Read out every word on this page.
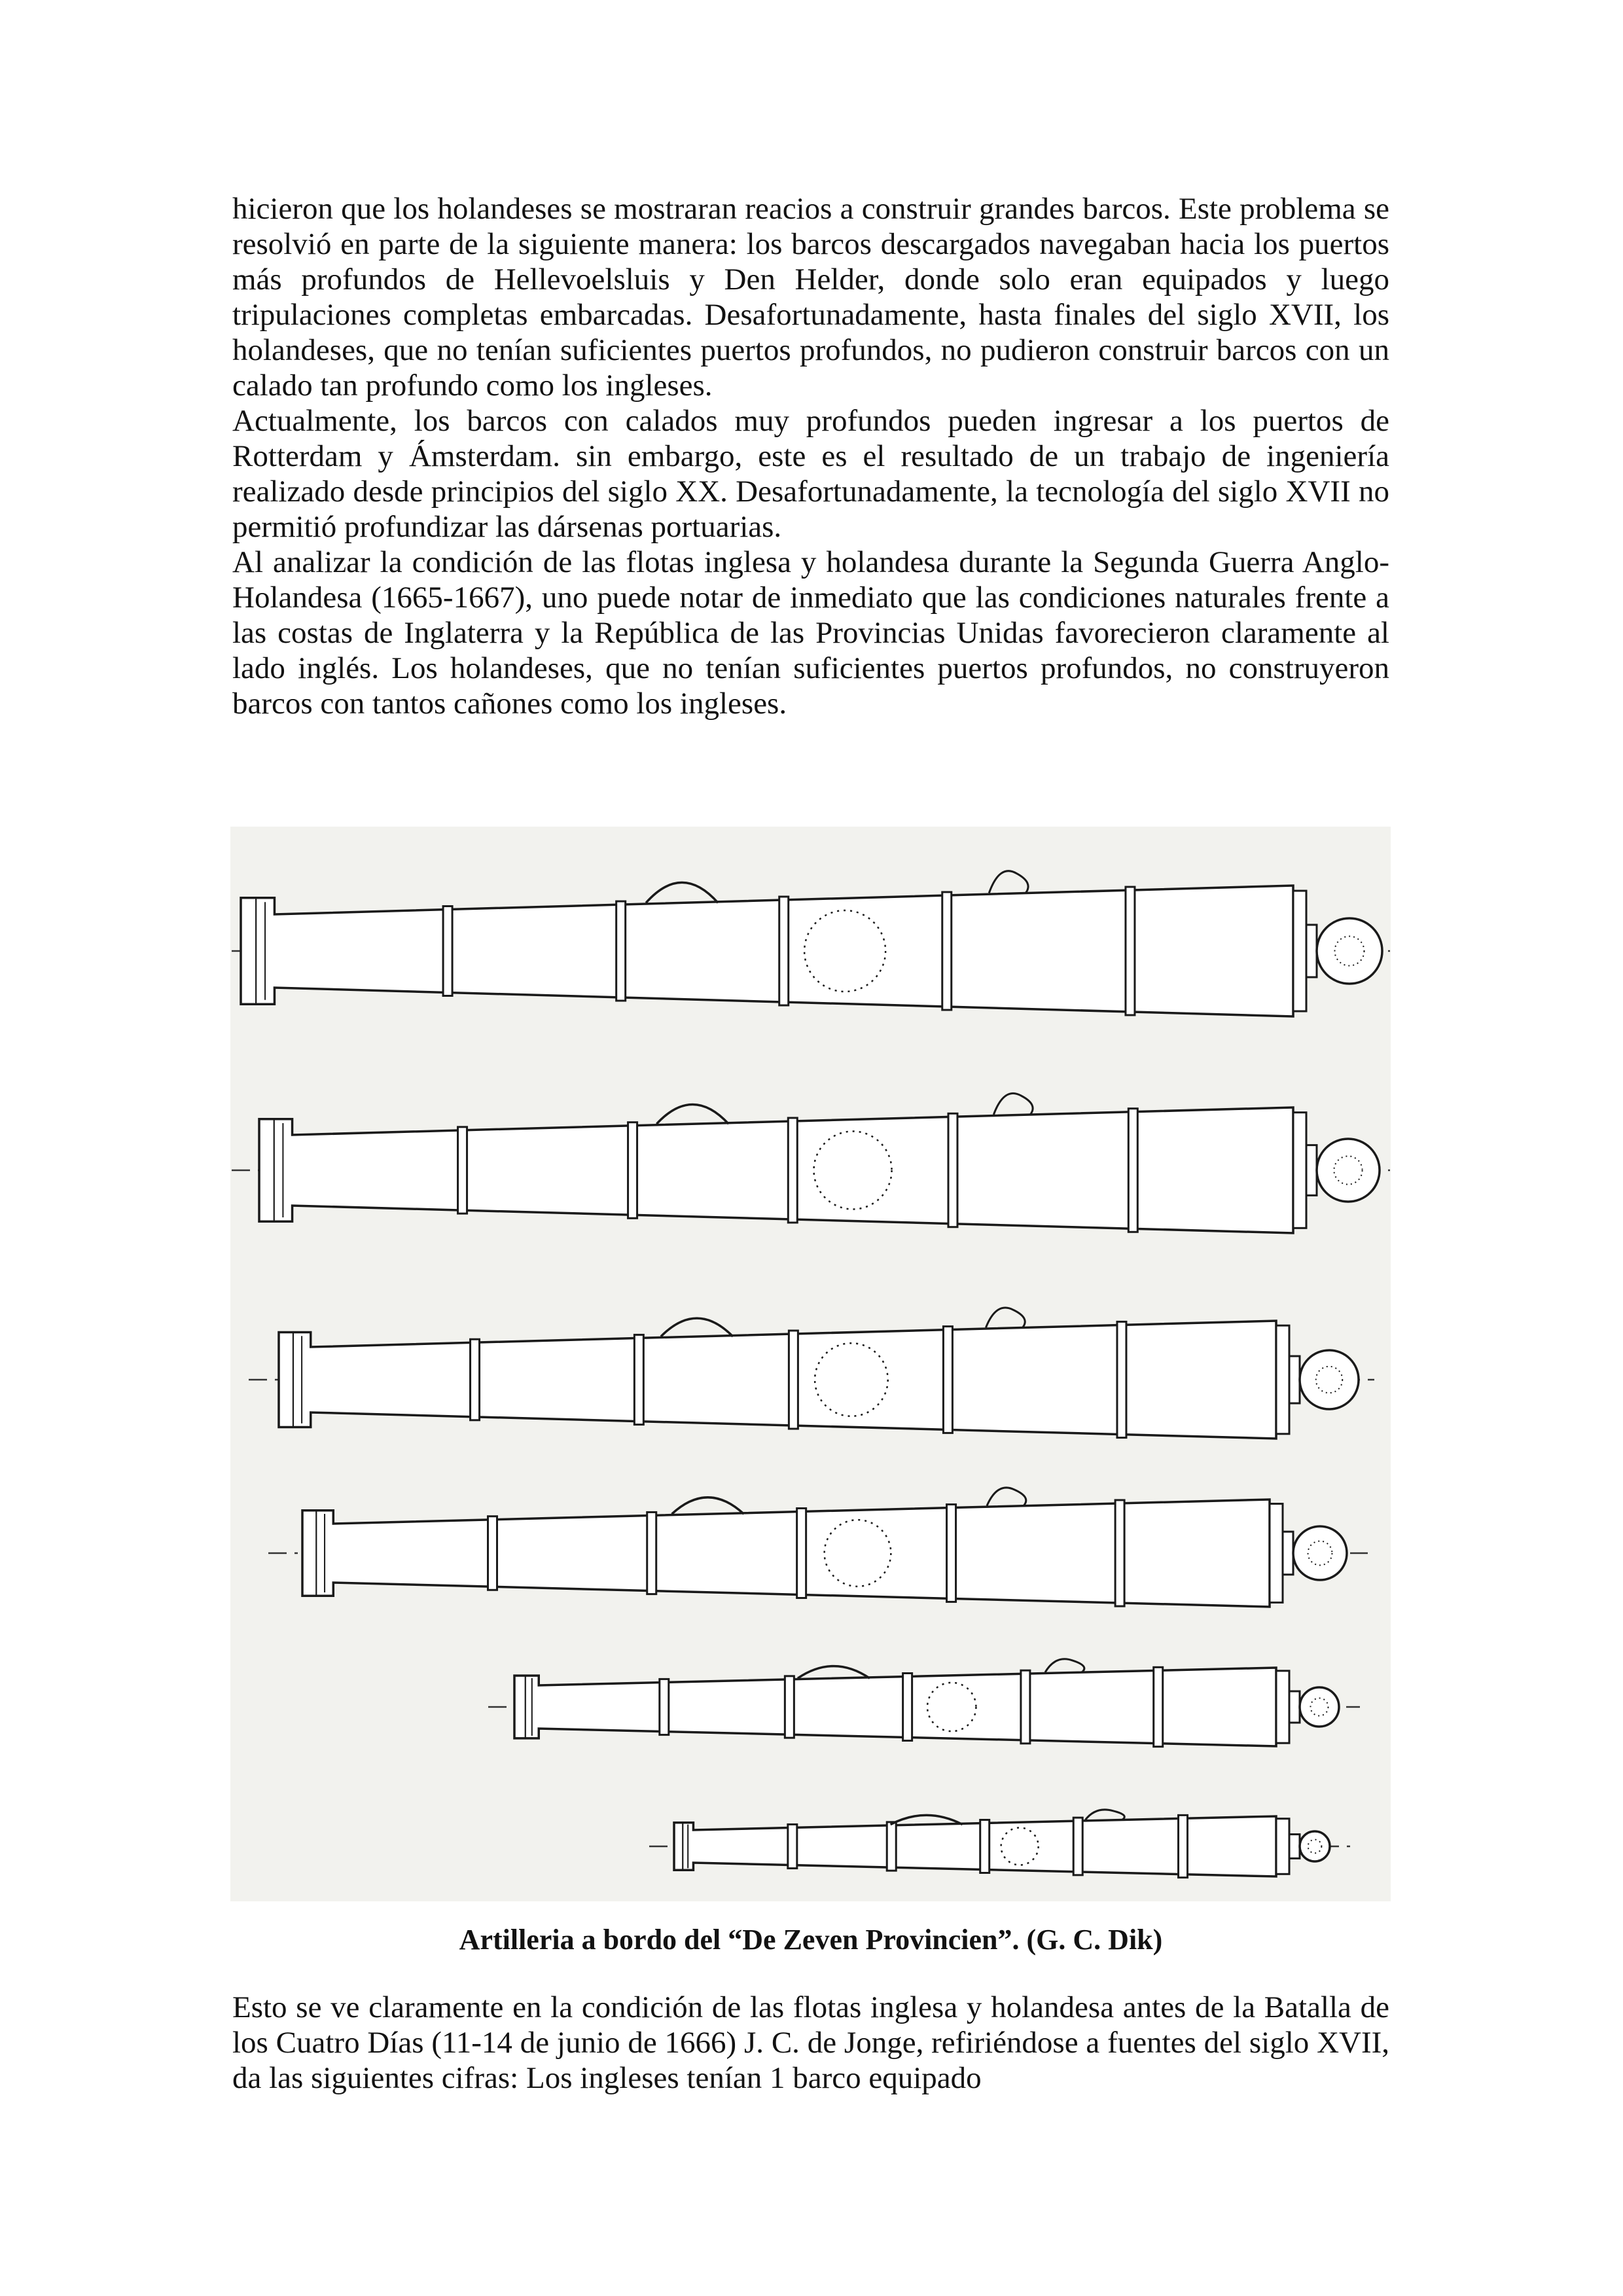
hicieron que los holandeses se mostraran reacios a construir grandes barcos. Este problema se resolvió en parte de la siguiente manera: los barcos descargados navegaban hacia los puertos más profundos de Hellevoelsluis y Den Helder, donde solo eran equipados y luego tripulaciones completas embarcadas. Desafortunadamente, hasta finales del siglo XVII, los holandeses, que no tenían suficientes puertos profundos, no pudieron construir barcos con un calado tan profundo como los ingleses.

Actualmente, los barcos con calados muy profundos pueden ingresar a los puertos de Rotterdam y Ámsterdam. sin embargo, este es el resultado de un trabajo de ingeniería realizado desde principios del siglo XX. Desafortunadamente, la tecnología del siglo XVII no permitió profundizar las dársenas portuarias.

Al analizar la condición de las flotas inglesa y holandesa durante la Segunda Guerra Anglo-Holandesa (1665-1667), uno puede notar de inmediato que las condiciones naturales frente a las costas de Inglaterra y la República de las Provincias Unidas favorecieron claramente al lado inglés. Los holandeses, que no tenían suficientes puertos profundos, no construyeron barcos con tantos cañones como los ingleses.

Artilleria a bordo del “De Zeven Provincien”. (G. C. Dik)

Esto se ve claramente en la condición de las flotas inglesa y holandesa antes de la Batalla de los Cuatro Días (11-14 de junio de 1666) J. C. de Jonge, refiriéndose a fuentes del siglo XVII, da las siguientes cifras: Los ingleses tenían 1 barco equipado
